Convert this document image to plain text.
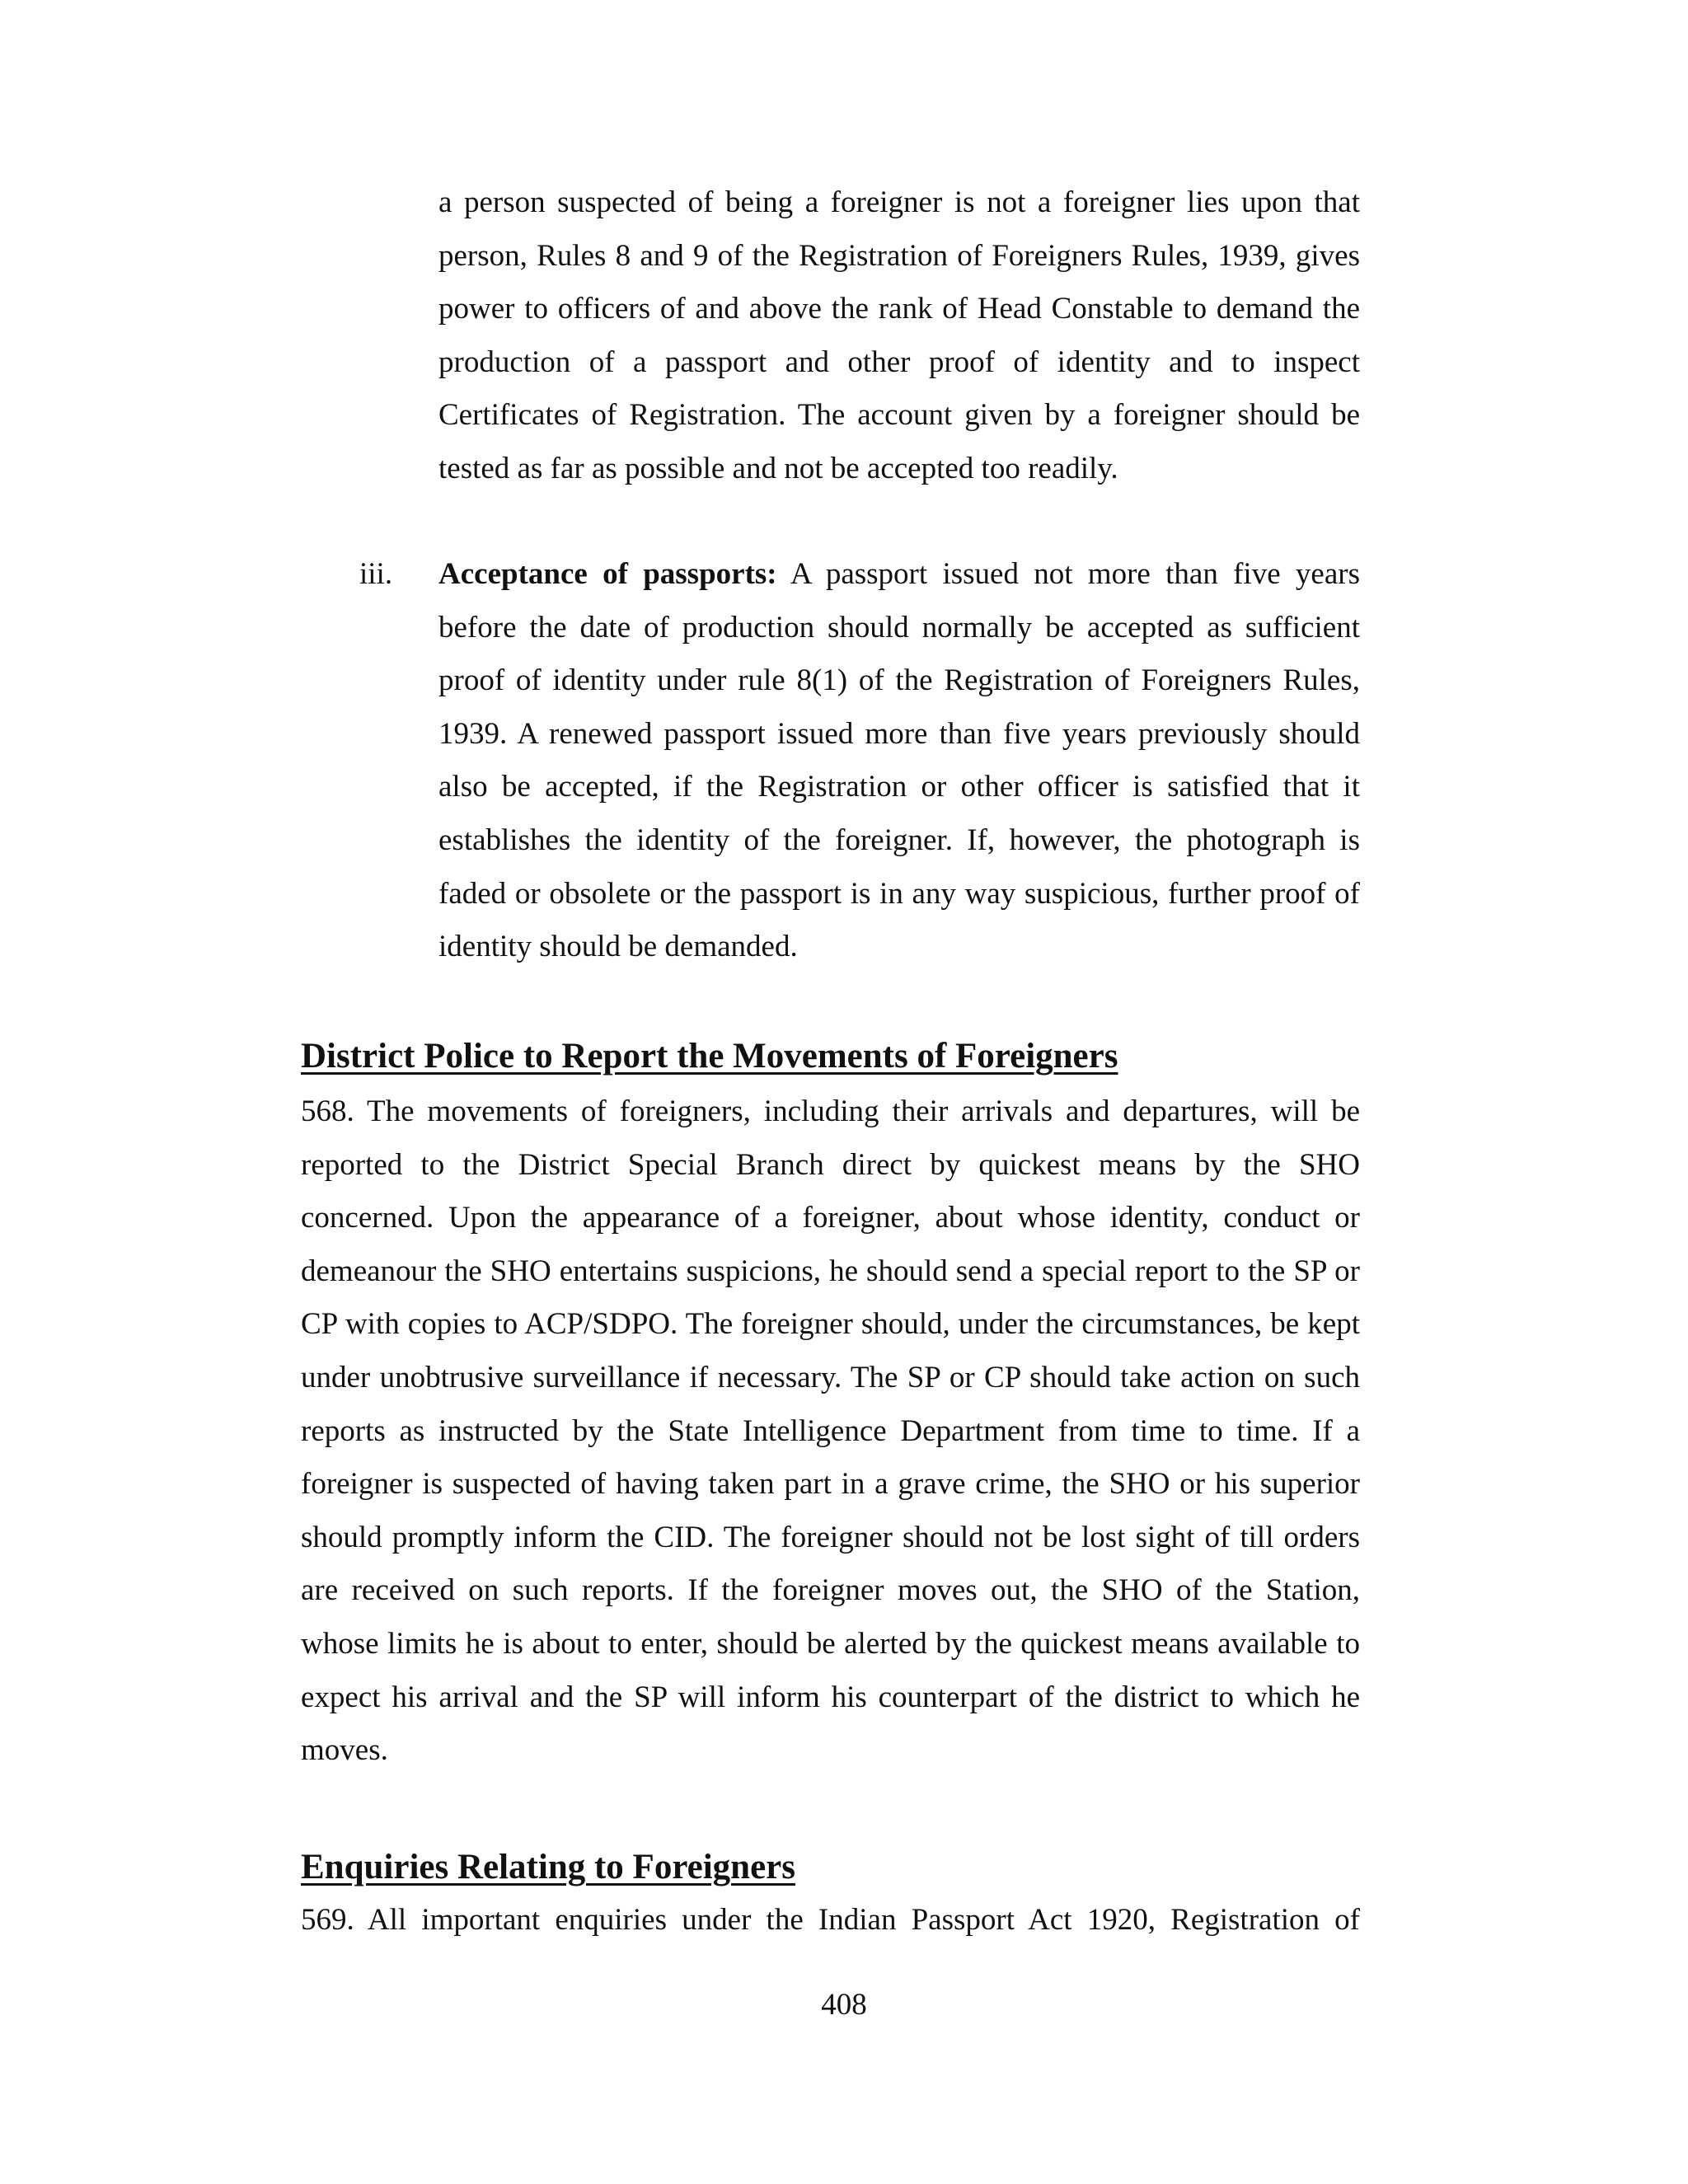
a person suspected of being a foreigner is not a foreigner lies upon that person, Rules 8 and 9 of the Registration of Foreigners Rules, 1939, gives power to officers of and above the rank of Head Constable to demand the production of a passport and other proof of identity and to inspect Certificates of Registration. The account given by a foreigner should be tested as far as possible and not be accepted too readily.

iii. Acceptance of passports: A passport issued not more than five years before the date of production should normally be accepted as sufficient proof of identity under rule 8(1) of the Registration of Foreigners Rules, 1939. A renewed passport issued more than five years previously should also be accepted, if the Registration or other officer is satisfied that it establishes the identity of the foreigner. If, however, the photograph is faded or obsolete or the passport is in any way suspicious, further proof of identity should be demanded.

District Police to Report the Movements of Foreigners

568. The movements of foreigners, including their arrivals and departures, will be reported to the District Special Branch direct by quickest means by the SHO concerned. Upon the appearance of a foreigner, about whose identity, conduct or demeanour the SHO entertains suspicions, he should send a special report to the SP or CP with copies to ACP/SDPO. The foreigner should, under the circumstances, be kept under unobtrusive surveillance if necessary. The SP or CP should take action on such reports as instructed by the State Intelligence Department from time to time. If a foreigner is suspected of having taken part in a grave crime, the SHO or his superior should promptly inform the CID. The foreigner should not be lost sight of till orders are received on such reports. If the foreigner moves out, the SHO of the Station, whose limits he is about to enter, should be alerted by the quickest means available to expect his arrival and the SP will inform his counterpart of the district to which he moves.

Enquiries Relating to Foreigners

569. All important enquiries under the Indian Passport Act 1920, Registration of

408
